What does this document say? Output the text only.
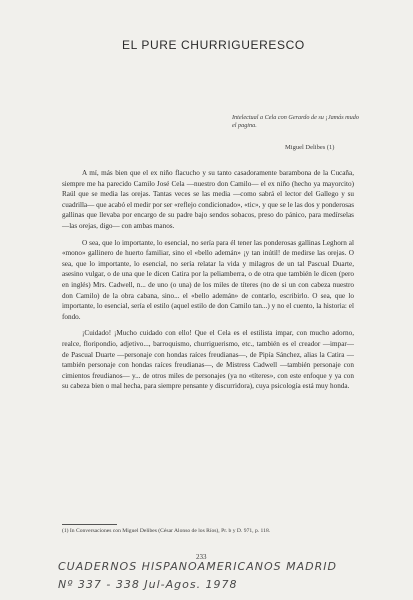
EL PURE CHURRIGUERESCO
Intelectual a Cela con Gerardo de su ¡Jamás mudo el pagina.
Miguel Delibes (1)

A mí, más bien que el ex niño flacucho y su tanto casadoramente barambona de la Cucaña, siempre me ha parecido Camilo José Cela —nuestro don Camilo— el ex niño (hecho ya mayorcito) Raúl que se media las orejas. Tantas veces se las media —como sabrá el lector del Gallego y su cuadrilla— que acabó el medir por ser «reflejo condicionado», «tic», y que se le las dos y ponderosas gallinas que llevaba por encargo de su padre bajo sendos sobacos, preso do pánico, para medírselas —las orejas, digo— con ambas manos.

O sea, que lo importante, lo esencial, no sería para él tener las ponderosas gallinas Leghorn al «mono» gallinero de huerto familiar, sino el «bello ademán» ¡y tan inútil! de medirse las orejas. O sea, que lo importante, lo esencial, no sería relatar la vida y milagros de un tal Pascual Duarte, asesino vulgar, o de una que le dicen Catira por la peliamberra, o de otra que también le dicen (pero en inglés) Mrs. Cadwell, n... de uno (o una) de los miles de títeres (no de si un con cabeza nuestro don Camilo) de la obra cabana, sino... el «bello ademán» de contarlo, escribirlo. O sea, que lo importante, lo esencial, sería el estilo (aquel estilo de don Camilo tan...) y no el cuento, la historia: el fondo.

¡Cuidado! ¡Mucho cuidado con ello! Que el Cela es el estilista impar, con mucho adorno, realce, floripondio, adjetivo..., barroquismo, churriguerismo, etc., también es el creador —impar— de Pascual Duarte —personaje con hondas raíces freudianas—, de Pipía Sánchez, alias la Catira —también personaje con hondas raíces freudianas—, de Mistress Cadwell —también personaje con cimientos freudianos— y... de otros miles de personajes (ya no «títeres», con este enfoque y ya con su cabeza bien o mal hecha, para siempre pensante y discurridora), cuya psicología está muy honda.

(1) In Conversaciones con Miguel Delibes (César Alonso de los Ríos), Pr. b y D. 971, p. 118.
233
CUADERNOS HISPANOAMERICANOS MADRID
Nº 337 - 338 Jul-Agos. 1978
